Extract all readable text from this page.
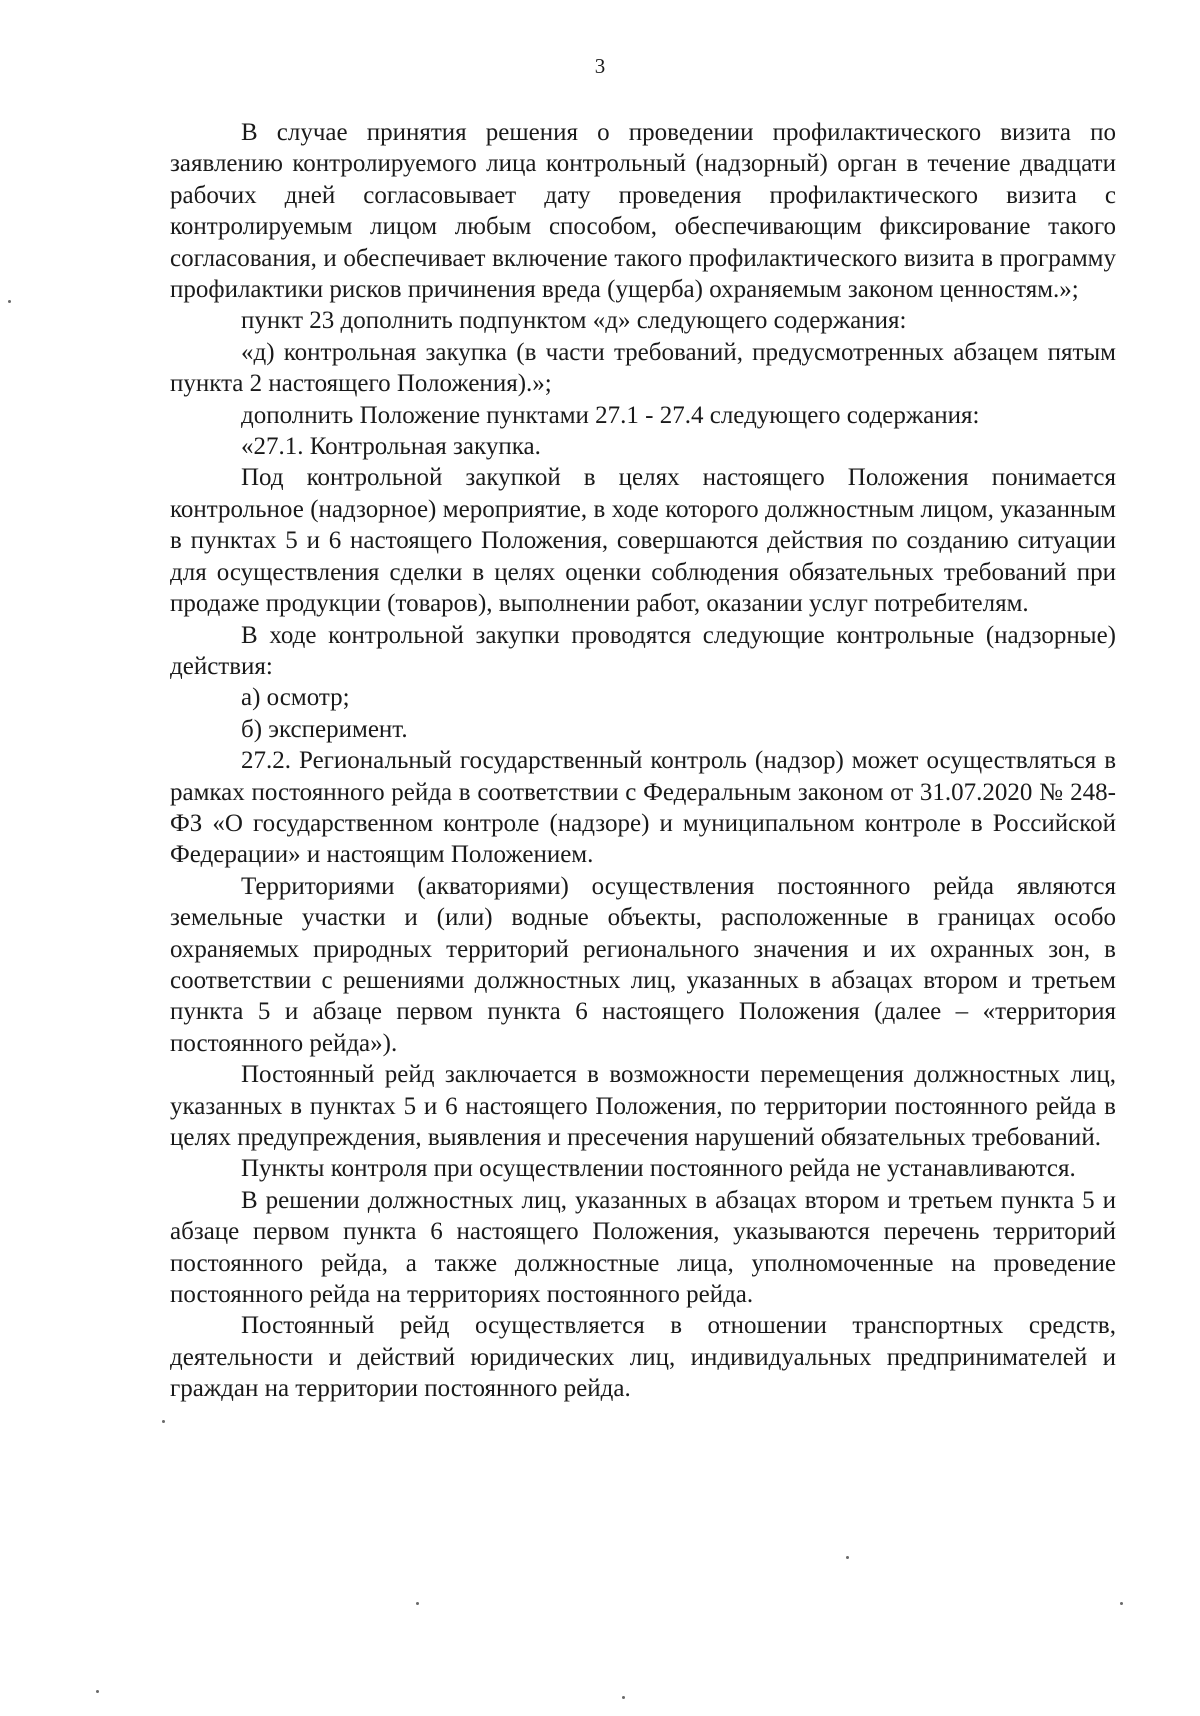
3

В случае принятия решения о проведении профилактического визита по заявлению контролируемого лица контрольный (надзорный) орган в течение двадцати рабочих дней согласовывает дату проведения профилактического визита с контролируемым лицом любым способом, обеспечивающим фиксирование такого согласования, и обеспечивает включение такого профилактического визита в программу профилактики рисков причинения вреда (ущерба) охраняемым законом ценностям.»;

пункт 23 дополнить подпунктом «д» следующего содержания:

«д) контрольная закупка (в части требований, предусмотренных абзацем пятым пункта 2 настоящего Положения).»;

дополнить Положение пунктами 27.1 - 27.4 следующего содержания:

«27.1. Контрольная закупка.

Под контрольной закупкой в целях настоящего Положения понимается контрольное (надзорное) мероприятие, в ходе которого должностным лицом, указанным в пунктах 5 и 6 настоящего Положения, совершаются действия по созданию ситуации для осуществления сделки в целях оценки соблюдения обязательных требований при продаже продукции (товаров), выполнении работ, оказании услуг потребителям.

В ходе контрольной закупки проводятся следующие контрольные (надзорные) действия:

а) осмотр;

б) эксперимент.

27.2. Региональный государственный контроль (надзор) может осуществляться в рамках постоянного рейда в соответствии с Федеральным законом от 31.07.2020 № 248-ФЗ «О государственном контроле (надзоре) и муниципальном контроле в Российской Федерации» и настоящим Положением.

Территориями (акваториями) осуществления постоянного рейда являются земельные участки и (или) водные объекты, расположенные в границах особо охраняемых природных территорий регионального значения и их охранных зон, в соответствии с решениями должностных лиц, указанных в абзацах втором и третьем пункта 5 и абзаце первом пункта 6 настоящего Положения (далее – «территория постоянного рейда»).

Постоянный рейд заключается в возможности перемещения должностных лиц, указанных в пунктах 5 и 6 настоящего Положения, по территории постоянного рейда в целях предупреждения, выявления и пресечения нарушений обязательных требований.

Пункты контроля при осуществлении постоянного рейда не устанавливаются.

В решении должностных лиц, указанных в абзацах втором и третьем пункта 5 и абзаце первом пункта 6 настоящего Положения, указываются перечень территорий постоянного рейда, а также должностные лица, уполномоченные на проведение постоянного рейда на территориях постоянного рейда.

Постоянный рейд осуществляется в отношении транспортных средств, деятельности и действий юридических лиц, индивидуальных предпринимателей и граждан на территории постоянного рейда.
